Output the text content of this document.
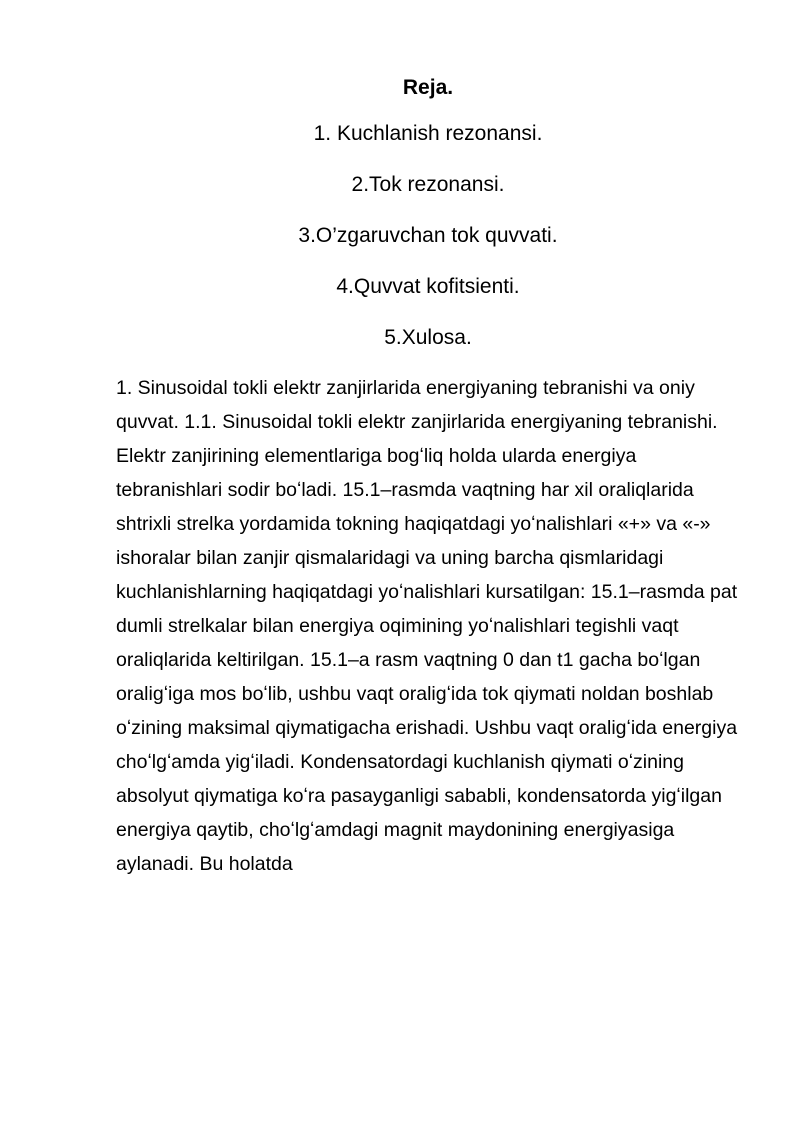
Reja.
1. Kuchlanish rezonansi.
2.Tok rezonansi.
3.O’zgaruvchan tok quvvati.
4.Quvvat kofitsienti.
5.Xulosa.

1. Sinusoidal tokli elektr zanjirlarida energiyaning tebranishi va oniy quvvat. 1.1. Sinusoidal tokli elektr zanjirlarida energiyaning tebranishi. Elektr zanjirining elementlariga bogʻliq holda ularda energiya tebranishlari sodir boʻladi. 15.1–rasmda vaqtning har xil oraliqlarida shtrixli strelka yordamida tokning haqiqatdagi yoʻnalishlari «+» va «-» ishoralar bilan zanjir qismalaridagi va uning barcha qismlaridagi kuchlanishlarning haqiqatdagi yoʻnalishlari kursatilgan: 15.1–rasmda pat dumli strelkalar bilan energiya oqimining yoʻnalishlari tegishli vaqt oraliqlarida keltirilgan. 15.1–a rasm vaqtning 0 dan t1 gacha boʻlgan oraligʻiga mos boʻlib, ushbu vaqt oraligʻida tok qiymati noldan boshlab oʻzining maksimal qiymatigacha erishadi. Ushbu vaqt oraligʻida energiya choʻlgʻamda yigʻiladi. Kondensatordagi kuchlanish qiymati oʻzining absolyut qiymatiga koʻra pasayganligi sababli, kondensatorda yigʻilgan energiya qaytib, choʻlgʻamdagi magnit maydonining energiyasiga aylanadi. Bu holatda
